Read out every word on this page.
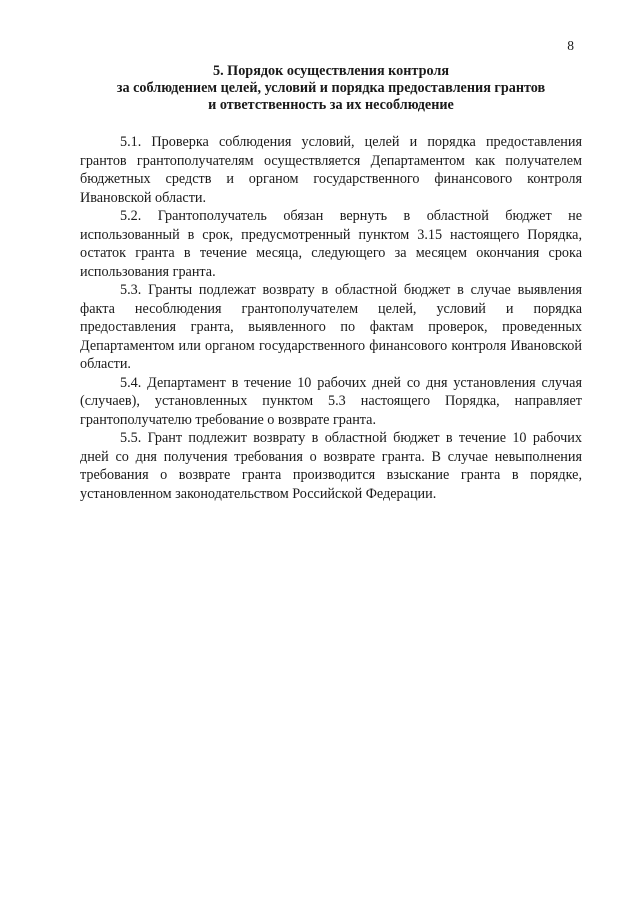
8
5. Порядок осуществления контроля
за соблюдением целей, условий и порядка предоставления грантов
и ответственность за их несоблюдение

5.1. Проверка соблюдения условий, целей и порядка предоставления грантов грантополучателям осуществляется Департаментом как получателем бюджетных средств и органом государственного финансового контроля Ивановской области.

5.2. Грантополучатель обязан вернуть в областной бюджет не использованный в срок, предусмотренный пунктом 3.15 настоящего Порядка, остаток гранта в течение месяца, следующего за месяцем окончания срока использования гранта.

5.3. Гранты подлежат возврату в областной бюджет в случае выявления факта несоблюдения грантополучателем целей, условий и порядка предоставления гранта, выявленного по фактам проверок, проведенных Департаментом или органом государственного финансового контроля Ивановской области.

5.4. Департамент в течение 10 рабочих дней со дня установления случая (случаев), установленных пунктом 5.3 настоящего Порядка, направляет грантополучателю требование о возврате гранта.

5.5. Грант подлежит возврату в областной бюджет в течение 10 рабочих дней со дня получения требования о возврате гранта. В случае невыполнения требования о возврате гранта производится взыскание гранта в порядке, установленном законодательством Российской Федерации.
